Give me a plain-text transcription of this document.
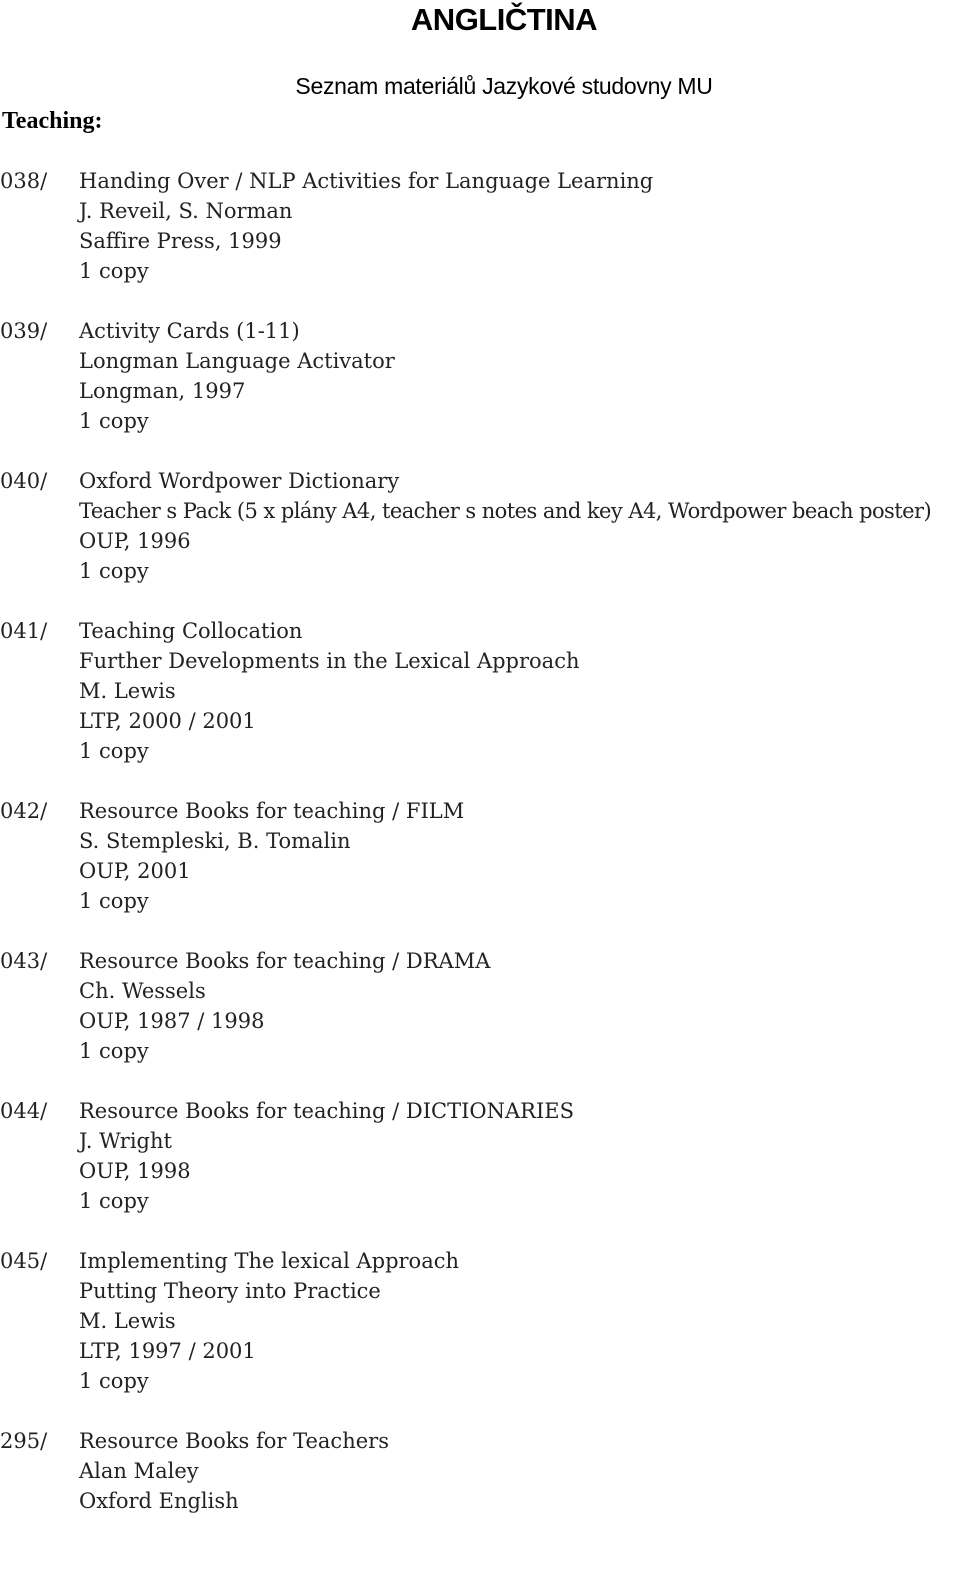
ANGLIČTINA
Seznam materiálů Jazykové studovny MU
Teaching:
038/ Handing Over / NLP Activities for Language Learning
J. Reveil, S. Norman
Saffire Press, 1999
1 copy
039/ Activity Cards (1-11)
Longman Language Activator
Longman, 1997
1 copy
040/ Oxford Wordpower Dictionary
Teacher s Pack (5 x plány A4, teacher s notes and key A4, Wordpower beach poster)
OUP, 1996
1 copy
041/ Teaching Collocation
Further Developments in the Lexical Approach
M. Lewis
LTP, 2000 / 2001
1 copy
042/ Resource Books for teaching / FILM
S. Stempleski, B. Tomalin
OUP, 2001
1 copy
043/ Resource Books for teaching / DRAMA
Ch. Wessels
OUP, 1987 / 1998
1 copy
044/ Resource Books for teaching / DICTIONARIES
J. Wright
OUP, 1998
1 copy
045/ Implementing The lexical Approach
Putting Theory into Practice
M. Lewis
LTP, 1997 / 2001
1 copy
295/ Resource Books for Teachers
Alan Maley
Oxford English
